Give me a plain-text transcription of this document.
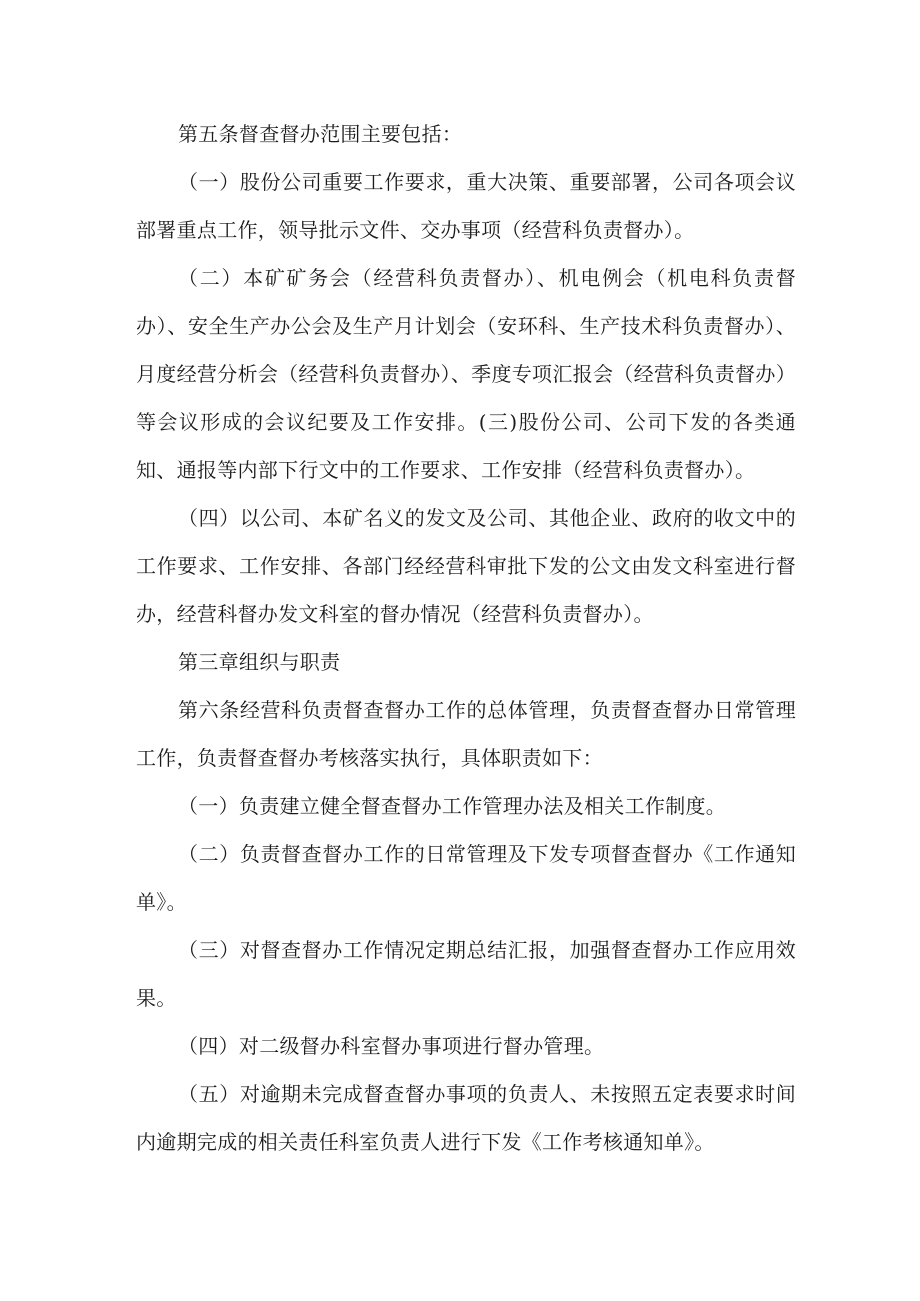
第五条督查督办范围主要包括：

（一）股份公司重要工作要求，重大决策、重要部署，公司各项会议部署重点工作，领导批示文件、交办事项（经营科负责督办）。

（二）本矿矿务会（经营科负责督办）、机电例会（机电科负责督办）、安全生产办公会及生产月计划会（安环科、生产技术科负责督办）、月度经营分析会（经营科负责督办）、季度专项汇报会（经营科负责督办）等会议形成的会议纪要及工作安排。(三)股份公司、公司下发的各类通知、通报等内部下行文中的工作要求、工作安排（经营科负责督办）。

（四）以公司、本矿名义的发文及公司、其他企业、政府的收文中的工作要求、工作安排、各部门经经营科审批下发的公文由发文科室进行督办，经营科督办发文科室的督办情况（经营科负责督办）。

第三章组织与职责

第六条经营科负责督查督办工作的总体管理，负责督查督办日常管理工作，负责督查督办考核落实执行，具体职责如下：

（一）负责建立健全督查督办工作管理办法及相关工作制度。

（二）负责督查督办工作的日常管理及下发专项督查督办《工作通知单》。

（三）对督查督办工作情况定期总结汇报，加强督查督办工作应用效果。

（四）对二级督办科室督办事项进行督办管理。

（五）对逾期未完成督查督办事项的负责人、未按照五定表要求时间内逾期完成的相关责任科室负责人进行下发《工作考核通知单》。
